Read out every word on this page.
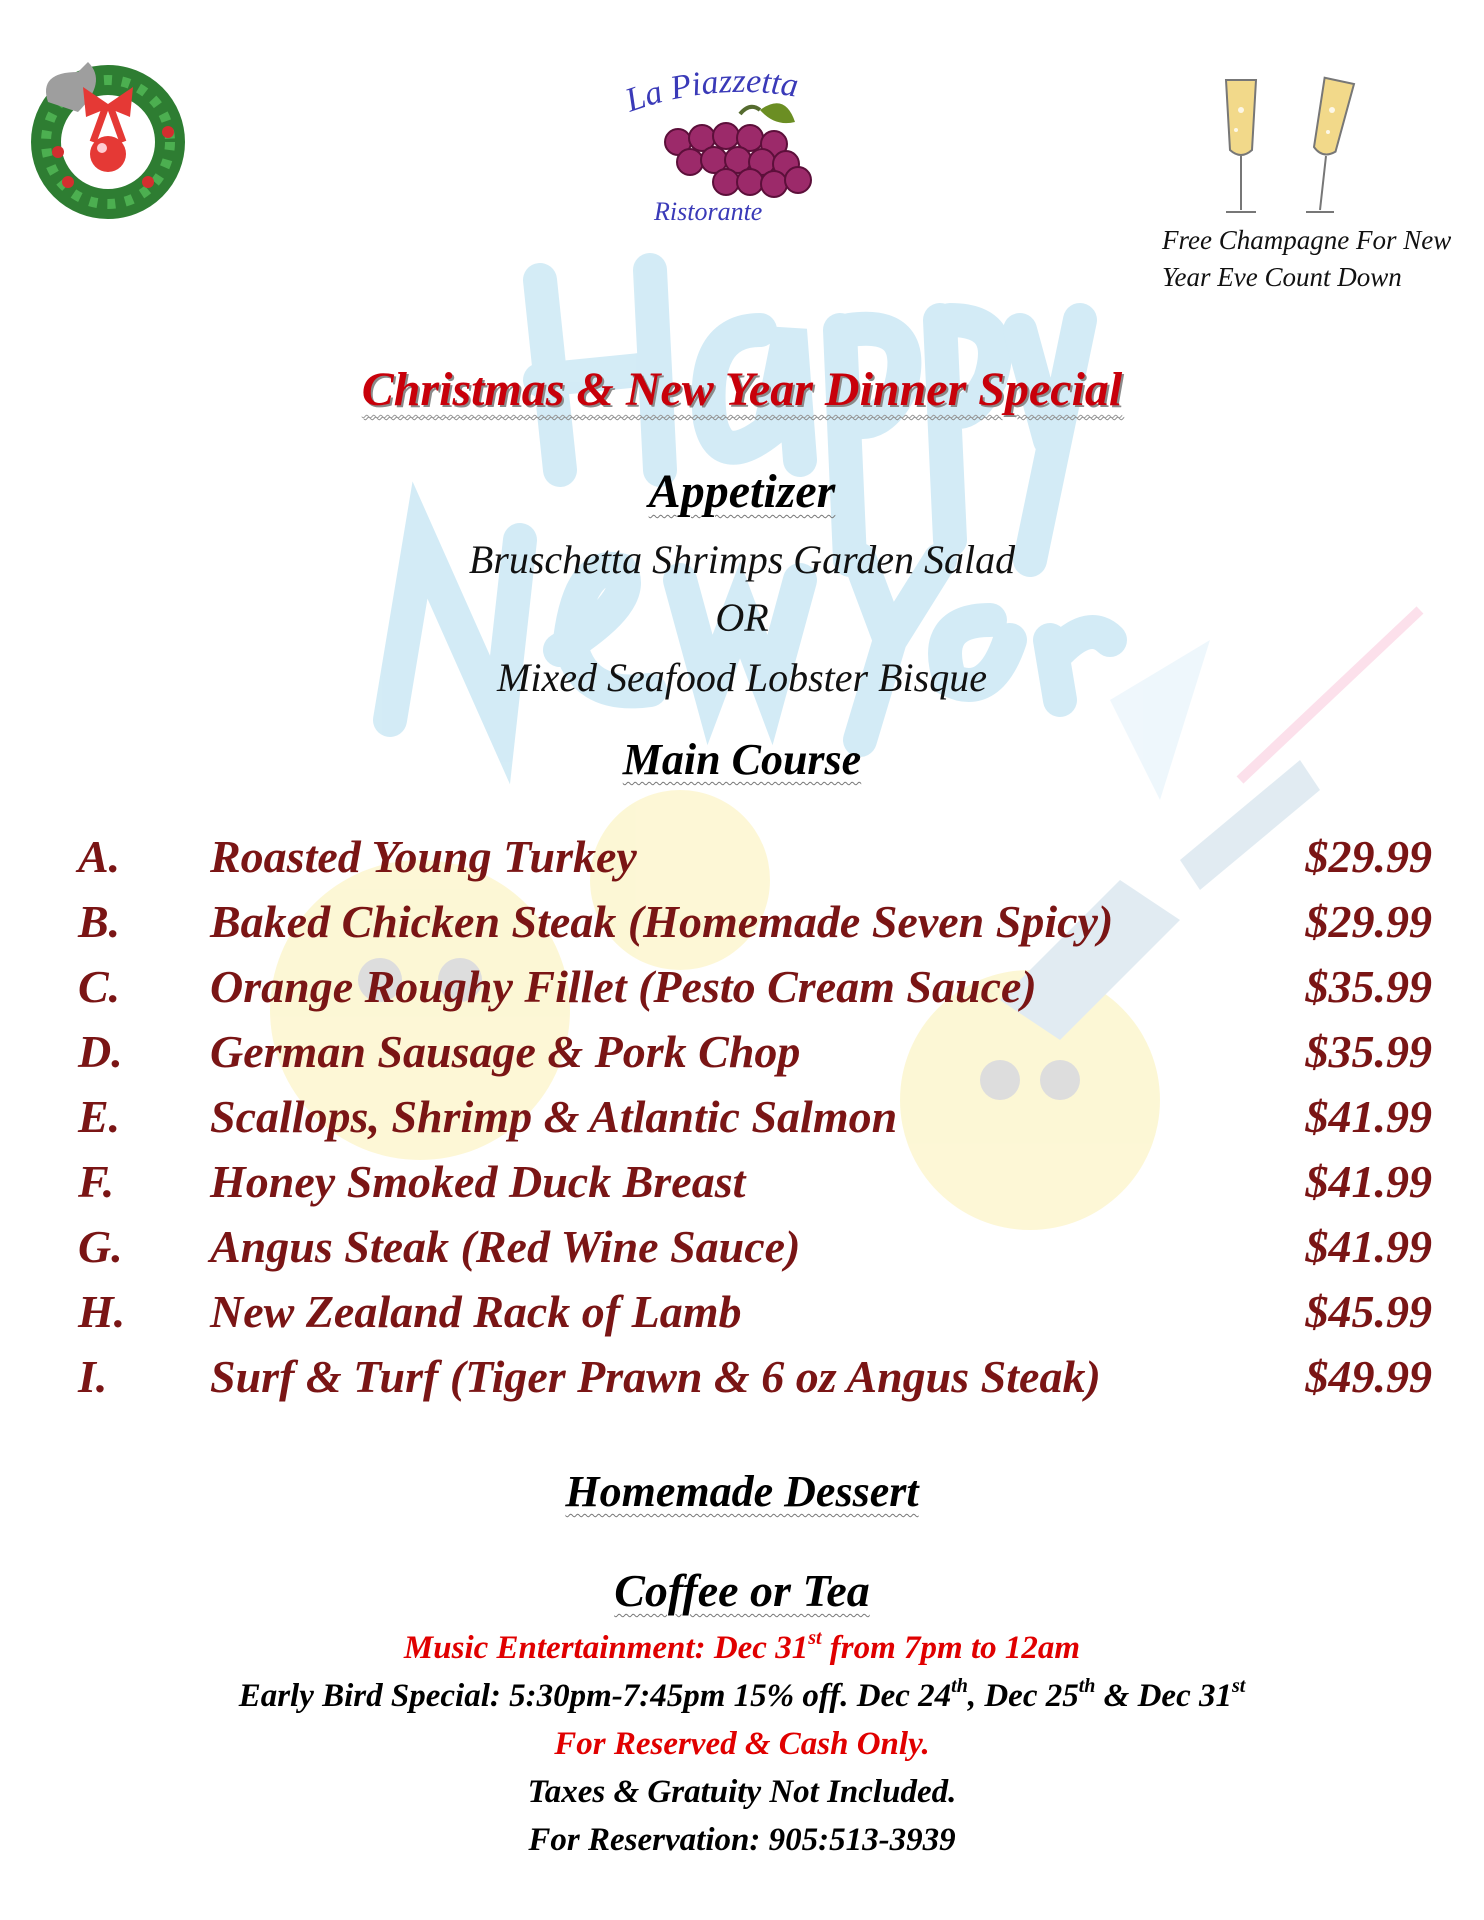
La Piazzetta
Ristorante
Free Champagne For New Year Eve Count Down
Christmas & New Year Dinner Special
Appetizer
Bruschetta Shrimps Garden Salad
OR
Mixed Seafood Lobster Bisque
Main Course
A. Roasted Young Turkey	$29.99
B. Baked Chicken Steak (Homemade Seven Spicy)	$29.99
C. Orange Roughy Fillet (Pesto Cream Sauce)	$35.99
D. German Sausage & Pork Chop	$35.99
E. Scallops, Shrimp & Atlantic Salmon	$41.99
F. Honey Smoked Duck Breast	$41.99
G. Angus Steak (Red Wine Sauce)	$41.99
H. New Zealand Rack of Lamb	$45.99
I. Surf & Turf (Tiger Prawn & 6 oz Angus Steak)	$49.99
Homemade Dessert
Coffee or Tea
Music Entertainment: Dec 31st from 7pm to 12am
Early Bird Special: 5:30pm-7:45pm 15% off. Dec 24th, Dec 25th & Dec 31st
For Reserved & Cash Only.
Taxes & Gratuity Not Included.
For Reservation: 905:513-3939
